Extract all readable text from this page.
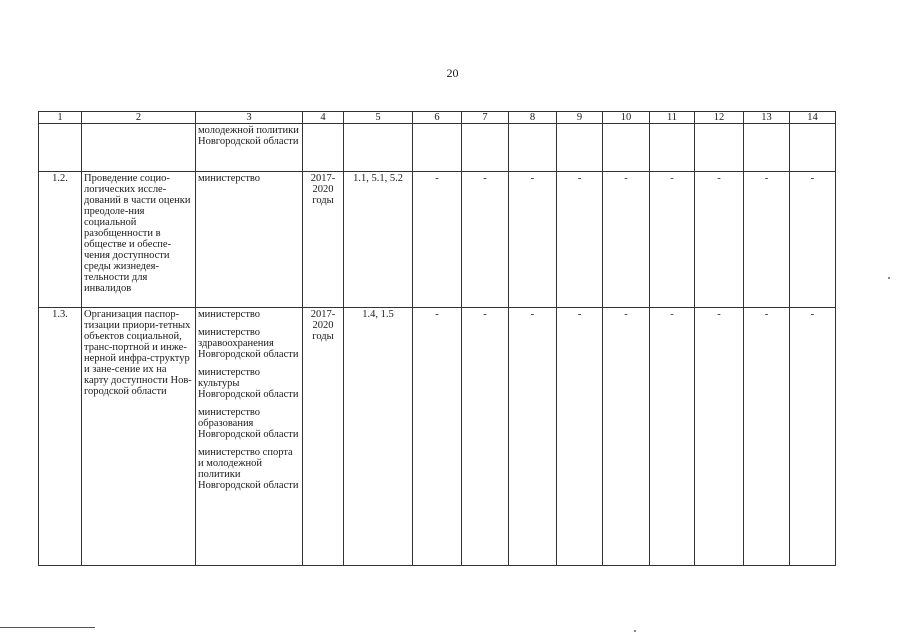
20
1	2	3	4	5	6	7	8	9	10	11	12	13	14
		молодежной политики Новгородской области											
1.2.	Проведение социо-логических иссле-дований в части оценки преодоле-ния социальной разобщенности в обществе и обеспе-чения доступности среды жизнедея-тельности для инвалидов	министерство	2017-2020 годы	1.1, 5.1, 5.2	-	-	-	-	-	-	-	-	-
1.3.	Организация паспор-тизации приори-тетных объектов социальной, транс-портной и инже-нерной инфра-структур и зане-сение их на карту доступности Нов-городской области	министерство
министерство здравоохранения Новгородской области
министерство культуры Новгородской области
министерство образования Новгородской области
министерство спорта и молодежной политики Новгородской области	2017-2020 годы	1.4, 1.5	-	-	-	-	-	-	-	-	-
